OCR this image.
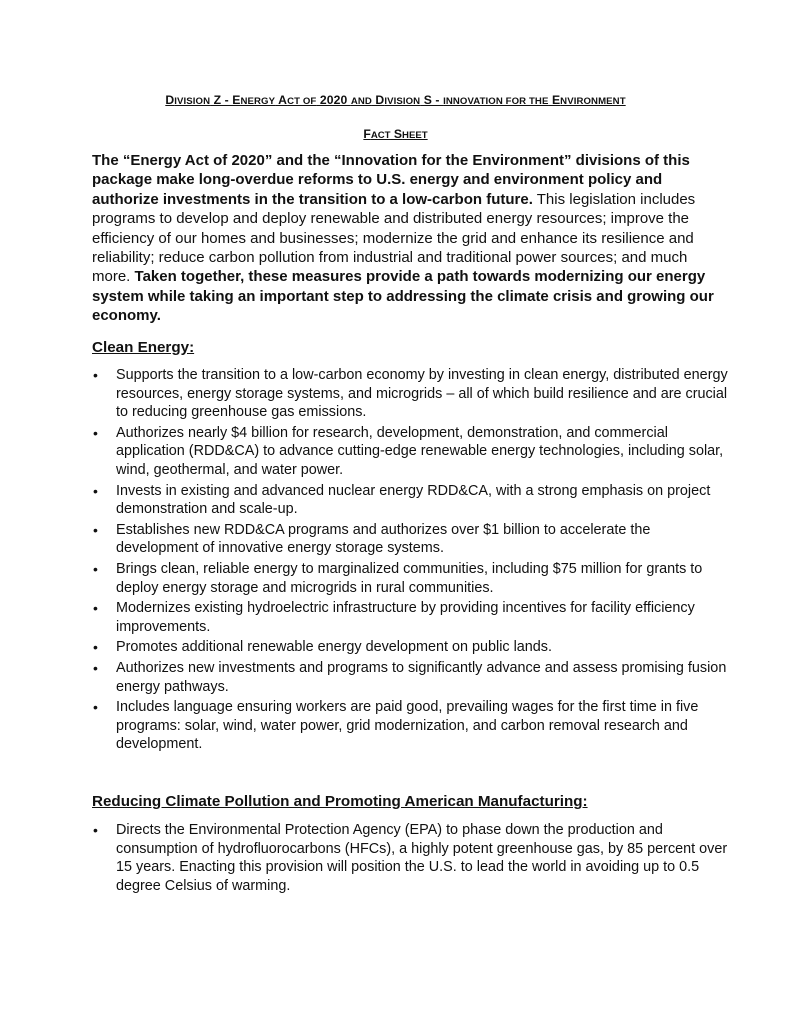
DIVISION Z - ENERGY ACT OF 2020 AND DIVISION S - INNOVATION FOR THE ENVIRONMENT
FACT SHEET
The “Energy Act of 2020” and the “Innovation for the Environment” divisions of this package make long-overdue reforms to U.S. energy and environment policy and authorize investments in the transition to a low-carbon future. This legislation includes programs to develop and deploy renewable and distributed energy resources; improve the efficiency of our homes and businesses; modernize the grid and enhance its resilience and reliability; reduce carbon pollution from industrial and traditional power sources; and much more. Taken together, these measures provide a path towards modernizing our energy system while taking an important step to addressing the climate crisis and growing our economy.
Clean Energy:
• Supports the transition to a low-carbon economy by investing in clean energy, distributed energy resources, energy storage systems, and microgrids – all of which build resilience and are crucial to reducing greenhouse gas emissions.
• Authorizes nearly $4 billion for research, development, demonstration, and commercial application (RDD&CA) to advance cutting-edge renewable energy technologies, including solar, wind, geothermal, and water power.
• Invests in existing and advanced nuclear energy RDD&CA, with a strong emphasis on project demonstration and scale-up.
• Establishes new RDD&CA programs and authorizes over $1 billion to accelerate the development of innovative energy storage systems.
• Brings clean, reliable energy to marginalized communities, including $75 million for grants to deploy energy storage and microgrids in rural communities.
• Modernizes existing hydroelectric infrastructure by providing incentives for facility efficiency improvements.
• Promotes additional renewable energy development on public lands.
• Authorizes new investments and programs to significantly advance and assess promising fusion energy pathways.
• Includes language ensuring workers are paid good, prevailing wages for the first time in five programs: solar, wind, water power, grid modernization, and carbon removal research and development.
Reducing Climate Pollution and Promoting American Manufacturing:
• Directs the Environmental Protection Agency (EPA) to phase down the production and consumption of hydrofluorocarbons (HFCs), a highly potent greenhouse gas, by 85 percent over 15 years. Enacting this provision will position the U.S. to lead the world in avoiding up to 0.5 degree Celsius of warming.
